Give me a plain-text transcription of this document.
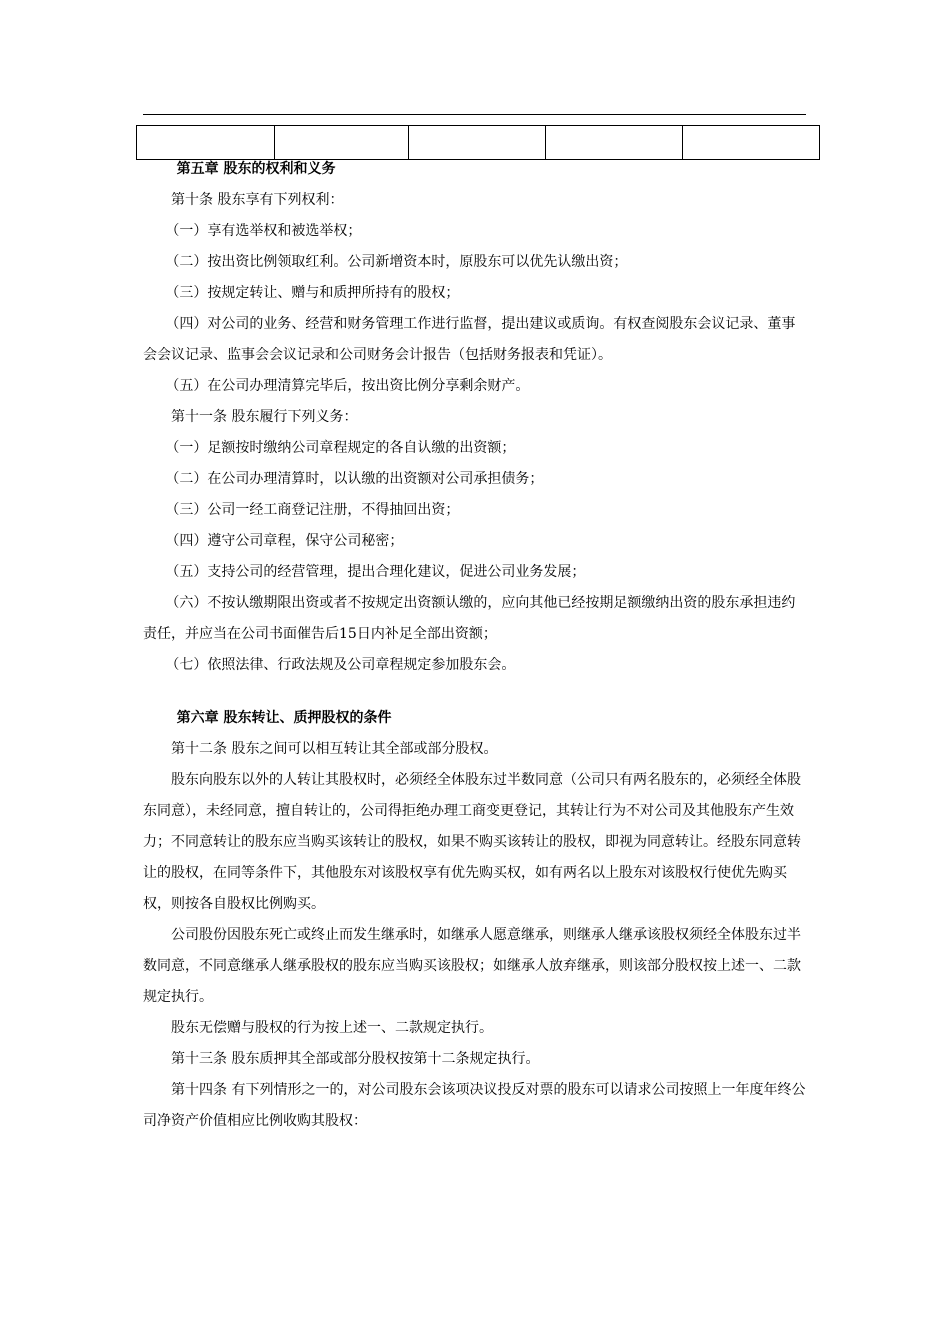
第五章 股东的权利和义务

第十条 股东享有下列权利：

（一）享有选举权和被选举权；

（二）按出资比例领取红利。公司新增资本时，原股东可以优先认缴出资；

（三）按规定转让、赠与和质押所持有的股权；

（四）对公司的业务、经营和财务管理工作进行监督，提出建议或质询。有权查阅股东会议记录、董事会会议记录、监事会会议记录和公司财务会计报告（包括财务报表和凭证）。

（五）在公司办理清算完毕后，按出资比例分享剩余财产。

第十一条 股东履行下列义务：

（一）足额按时缴纳公司章程规定的各自认缴的出资额；

（二）在公司办理清算时，以认缴的出资额对公司承担债务；

（三）公司一经工商登记注册，不得抽回出资；

（四）遵守公司章程，保守公司秘密；

（五）支持公司的经营管理，提出合理化建议，促进公司业务发展；

（六）不按认缴期限出资或者不按规定出资额认缴的，应向其他已经按期足额缴纳出资的股东承担违约责任，并应当在公司书面催告后15日内补足全部出资额；

（七）依照法律、行政法规及公司章程规定参加股东会。

第六章 股东转让、质押股权的条件

第十二条 股东之间可以相互转让其全部或部分股权。

股东向股东以外的人转让其股权时，必须经全体股东过半数同意（公司只有两名股东的，必须经全体股东同意），未经同意，擅自转让的，公司得拒绝办理工商变更登记，其转让行为不对公司及其他股东产生效力；不同意转让的股东应当购买该转让的股权，如果不购买该转让的股权，即视为同意转让。经股东同意转让的股权，在同等条件下，其他股东对该股权享有优先购买权，如有两名以上股东对该股权行使优先购买权，则按各自股权比例购买。

公司股份因股东死亡或终止而发生继承时，如继承人愿意继承，则继承人继承该股权须经全体股东过半数同意，不同意继承人继承股权的股东应当购买该股权；如继承人放弃继承，则该部分股权按上述一、二款规定执行。

股东无偿赠与股权的行为按上述一、二款规定执行。

第十三条 股东质押其全部或部分股权按第十二条规定执行。

第十四条 有下列情形之一的，对公司股东会该项决议投反对票的股东可以请求公司按照上一年度年终公司净资产价值相应比例收购其股权：
